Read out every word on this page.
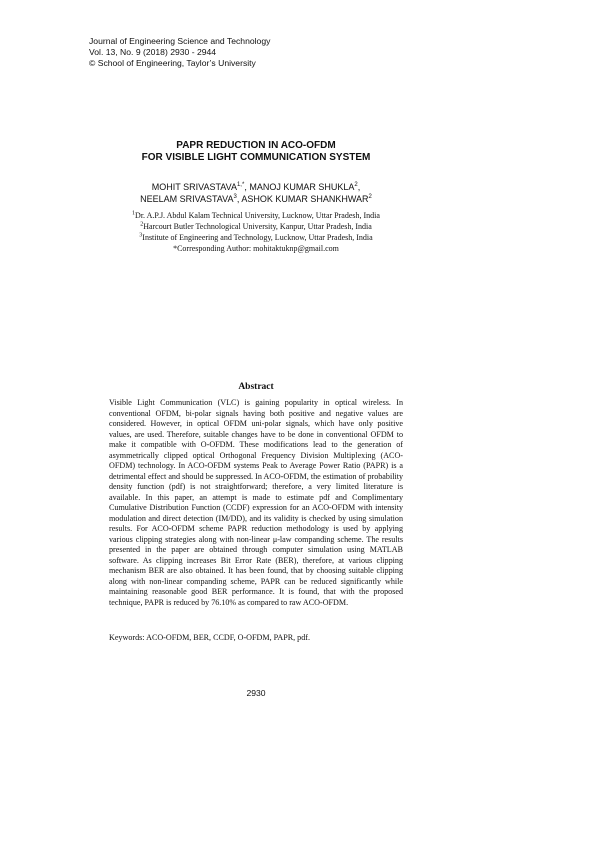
Journal of Engineering Science and Technology
Vol. 13, No. 9 (2018) 2930 - 2944
© School of Engineering, Taylor’s University
PAPR REDUCTION IN ACO-OFDM
FOR VISIBLE LIGHT COMMUNICATION SYSTEM
MOHIT $SRIVASTAVA^{1,*}$, MANOJ KUMAR SHUKLA$^2$,
NEELAM SRIVASTAVA$^3$, ASHOK KUMAR SHANKHWAR$^2$
$^1$Dr. A.P.J. Abdul Kalam Technical University, Lucknow, Uttar Pradesh, India
$^2$Harcourt Butler Technological University, Kanpur, Uttar Pradesh, India
$^3$Institute of Engineering and Technology, Lucknow, Uttar Pradesh, India
*Corresponding Author: mohitaktuknp@gmail.com
Abstract
Visible Light Communication (VLC) is gaining popularity in optical wireless. In conventional OFDM, bi-polar signals having both positive and negative values are considered. However, in optical OFDM uni-polar signals, which have only positive values, are used. Therefore, suitable changes have to be done in conventional OFDM to make it compatible with O-OFDM. These modifications lead to the generation of asymmetrically clipped optical Orthogonal Frequency Division Multiplexing (ACO-OFDM) technology. In ACO-OFDM systems Peak to Average Power Ratio (PAPR) is a detrimental effect and should be suppressed. In ACO-OFDM, the estimation of probability density function (pdf) is not straightforward; therefore, a very limited literature is available. In this paper, an attempt is made to estimate pdf and Complimentary Cumulative Distribution Function (CCDF) expression for an ACO-OFDM with intensity modulation and direct detection (IM/DD), and its validity is checked by using simulation results. For ACO-OFDM scheme PAPR reduction methodology is used by applying various clipping strategies along with non-linear μ-law companding scheme. The results presented in the paper are obtained through computer simulation using MATLAB software. As clipping increases Bit Error Rate (BER), therefore, at various clipping mechanism BER are also obtained. It has been found, that by choosing suitable clipping along with non-linear companding scheme, PAPR can be reduced significantly while maintaining reasonable good BER performance. It is found, that with the proposed technique, PAPR is reduced by 76.10% as compared to raw ACO-OFDM.
Keywords: ACO-OFDM, BER, CCDF, O-OFDM, PAPR, pdf.
2930
